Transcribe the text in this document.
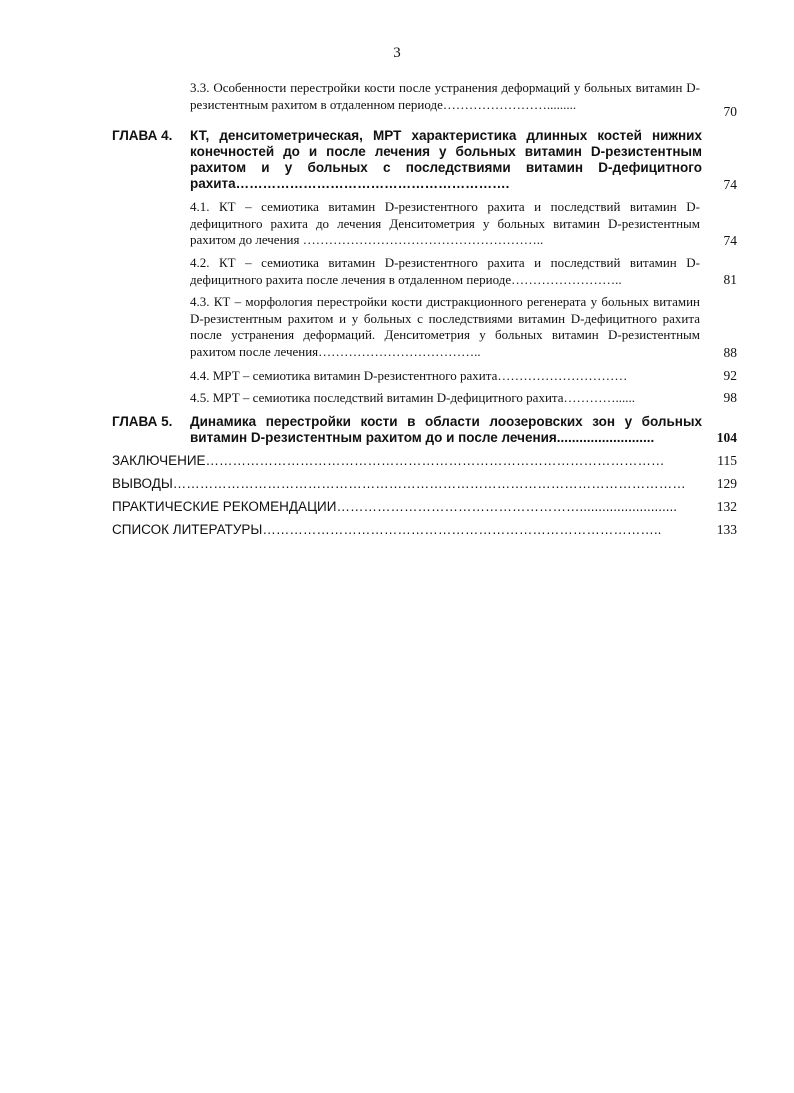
3
3.3. Особенности перестройки кости после устранения деформаций у больных витамин D-резистентным рахитом в отдаленном периоде…………………….........	70
ГЛАВА 4. КТ, денситометрическая, МРТ характеристика длинных костей нижних конечностей до и после лечения у больных витамин D-резистентным рахитом и у больных с последствиями витамин D-дефицитного рахита…………………………………………………….	74
4.1. КТ – семиотика витамин D-резистентного рахита и последствий витамин D-дефицитного рахита до лечения Денситометрия у больных витамин D-резистентным рахитом до лечения ………………………………………………..	74
4.2. КТ – семиотика витамин D-резистентного рахита и последствий витамин D-дефицитного рахита после лечения в отдаленном периоде……………………..	81
4.3. КТ – морфология перестройки кости дистракционного регенерата у больных витамин D-резистентным рахитом и у больных с последствиями витамин D-дефицитного рахита после устранения деформаций. Денситометрия у больных витамин D-резистентным рахитом после лечения………………………………..	88
4.4. МРТ – семиотика витамин D-резистентного рахита…………………………	92
4.5. МРТ – семиотика последствий витамин D-дефицитного рахита…………......	98
ГЛАВА 5. Динамика перестройки кости в области лоозеровских зон у больных витамин D-резистентным рахитом до и после лечения..........................	104
ЗАКЛЮЧЕНИЕ…………………………………………………………………………………………	115
ВЫВОДЫ……………………………………………………………………………………………………	129
ПРАКТИЧЕСКИЕ РЕКОМЕНДАЦИИ………………………………………………..........................	132
СПИСОК ЛИТЕРАТУРЫ……………………………………………………………………………..	133
